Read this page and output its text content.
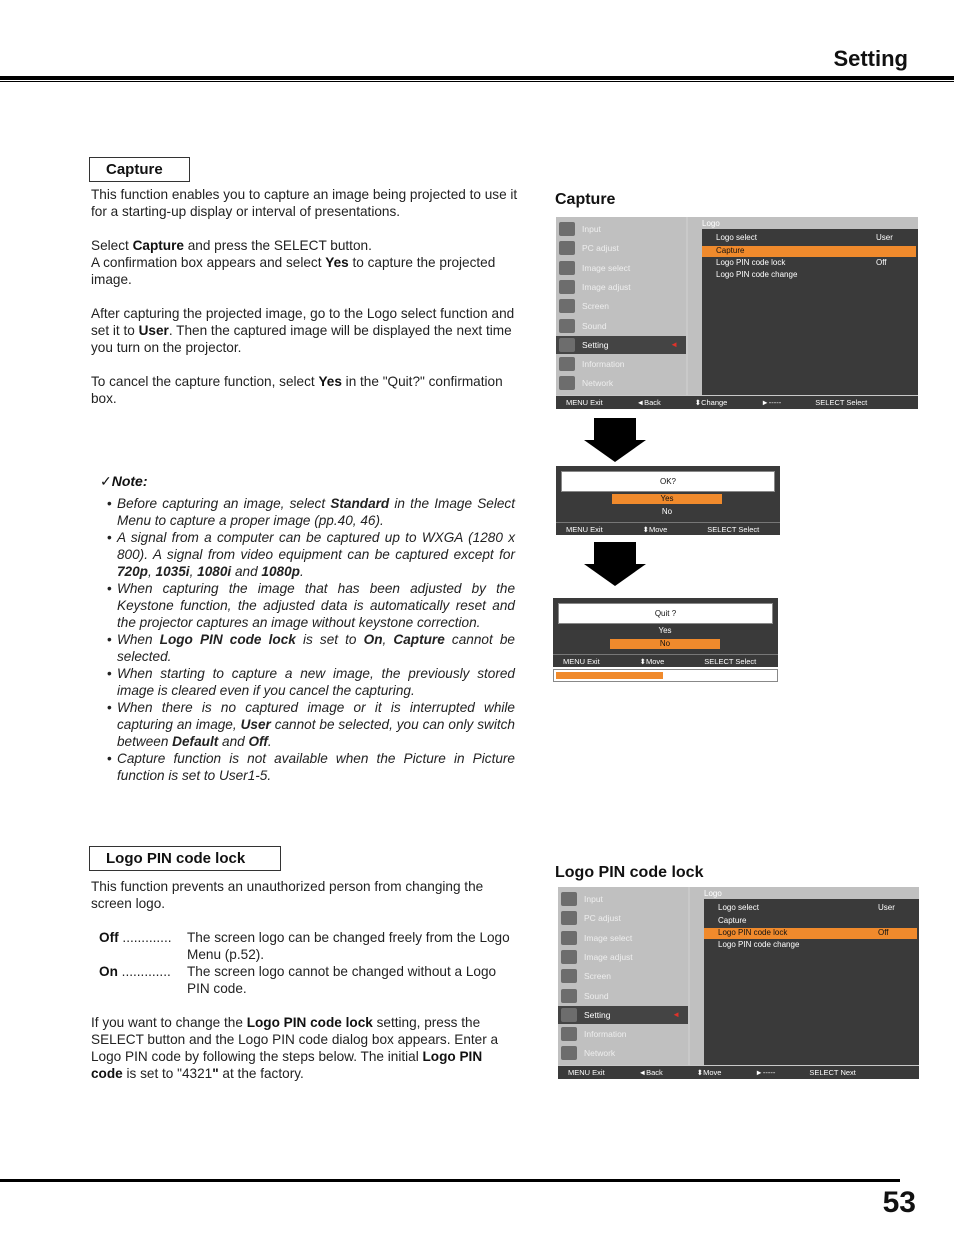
Setting
Capture

This function enables you to capture an image being projected to use it for a starting-up display or interval of presentations.

Select Capture and press the SELECT button.

A confirmation box appears and select Yes to capture the projected image.

After capturing the projected image, go to the Logo select function and set it to User. Then the captured image will be displayed the next time you turn on the projector.

To cancel the capture function, select Yes in the "Quit?" confirmation box.

✓Note:
• Before capturing an image, select Standard in the Image Select Menu to capture a proper image (pp.40, 46).
• A signal from a computer can be captured up to WXGA (1280 x 800). A signal from video equipment can be captured except for 720p, 1035i, 1080i and 1080p.
• When capturing the image that has been adjusted by the Keystone function, the adjusted data is automatically reset and the projector captures an image without keystone correction.
• When Logo PIN code lock is set to On, Capture cannot be selected.
• When starting to capture a new image, the previously stored image is cleared even if you cancel the capturing.
• When there is no captured image or it is interrupted while capturing an image, User cannot be selected, you can only switch between Default and Off.
• Capture function is not available when the Picture in Picture function is set to User1-5.
Logo PIN code lock

This function prevents an unauthorized person from changing the screen logo.

Off .............	The screen logo can be changed freely from the Logo Menu (p.52).
On .............	The screen logo cannot be changed without a Logo PIN code.

If you want to change the Logo PIN code lock setting, press the SELECT button and the Logo PIN code dialog box appears. Enter a Logo PIN code by following the steps below. The initial Logo PIN code is set to "4321" at the factory.

Capture
Input
PC adjust
Image select
Image adjust
Screen
Sound
Setting	◄
Information
Network
Logo
Logo select	User
Capture
Logo PIN code lock	Off
Logo PIN code change
MENU Exit	◄Back	⬍Change	►-----	SELECT Select
OK?
Yes
No
MENU Exit	⬍Move	SELECT Select
Quit ?
Yes
No
MENU Exit	⬍Move	SELECT Select
Logo PIN code lock
Input
PC adjust
Image select
Image adjust
Screen
Sound
Setting	◄
Information
Network
Logo
Logo select	User
Capture
Logo PIN code lock	Off
Logo PIN code change
MENU Exit	◄Back	⬍Move	►-----	SELECT Next
53
